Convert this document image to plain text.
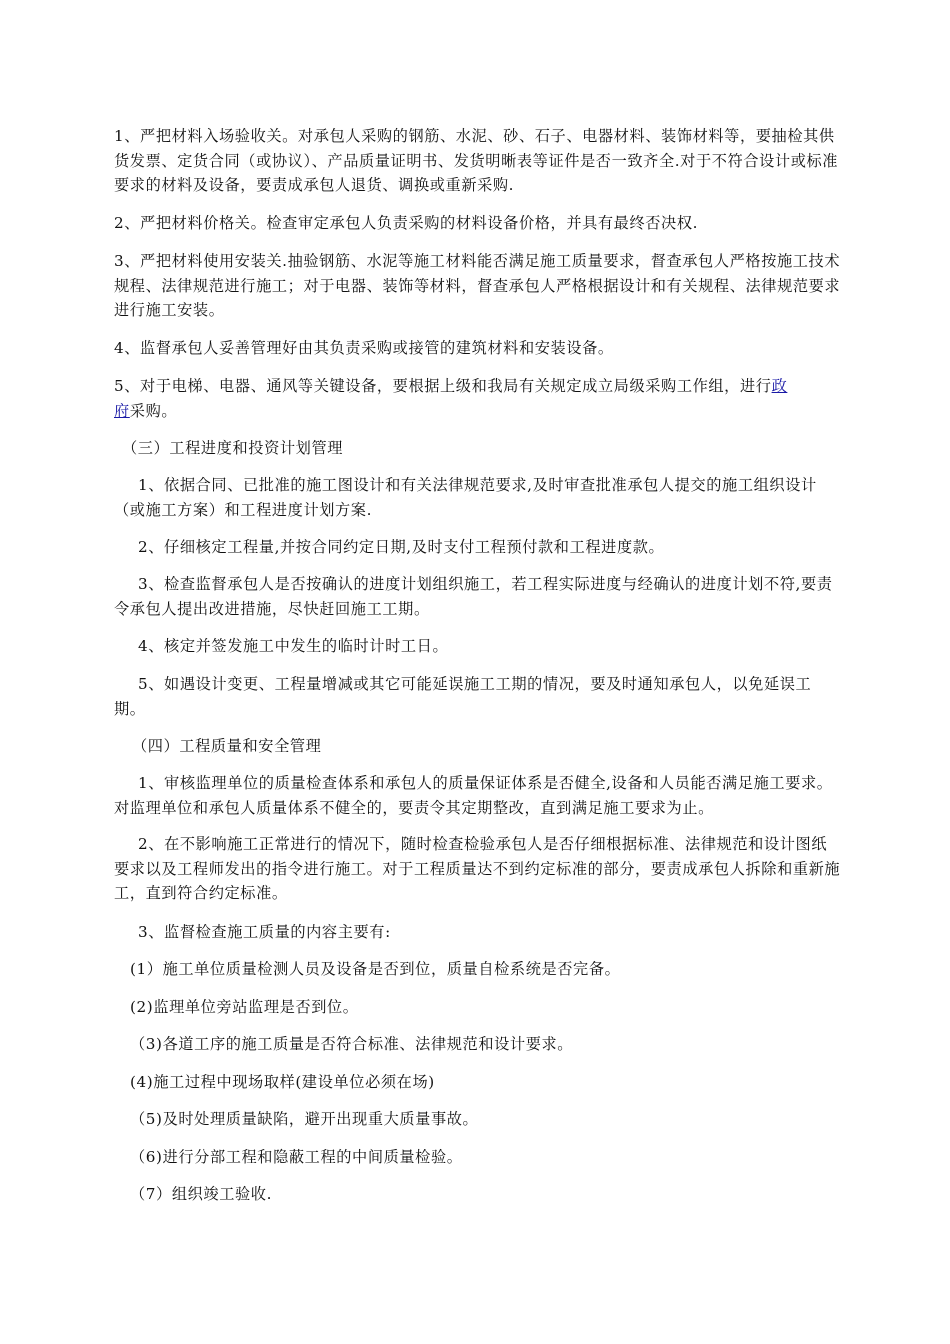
1、严把材料入场验收关。对承包人采购的钢筋、水泥、砂、石子、电器材料、装饰材料等，要抽检其供货发票、定货合同（或协议）、产品质量证明书、发货明晰表等证件是否一致齐全.对于不符合设计或标准要求的材料及设备，要责成承包人退货、调换或重新采购.

2、严把材料价格关。检查审定承包人负责采购的材料设备价格，并具有最终否决权.

3、严把材料使用安装关.抽验钢筋、水泥等施工材料能否满足施工质量要求，督查承包人严格按施工技术规程、法律规范进行施工；对于电器、装饰等材料，督查承包人严格根据设计和有关规程、法律规范要求进行施工安装。

4、监督承包人妥善管理好由其负责采购或接管的建筑材料和安装设备。

5、对于电梯、电器、通风等关键设备，要根据上级和我局有关规定成立局级采购工作组，进行政
府采购。

（三）工程进度和投资计划管理

1、依据合同、已批准的施工图设计和有关法律规范要求,及时审查批准承包人提交的施工组织设计（或施工方案）和工程进度计划方案.

2、仔细核定工程量,并按合同约定日期,及时支付工程预付款和工程进度款。

3、检查监督承包人是否按确认的进度计划组织施工，若工程实际进度与经确认的进度计划不符,要责令承包人提出改进措施，尽快赶回施工工期。

4、核定并签发施工中发生的临时计时工日。

5、如遇设计变更、工程量增减或其它可能延误施工工期的情况，要及时通知承包人，以免延误工期。

（四）工程质量和安全管理

1、审核监理单位的质量检查体系和承包人的质量保证体系是否健全,设备和人员能否满足施工要求。对监理单位和承包人质量体系不健全的，要责令其定期整改，直到满足施工要求为止。

2、在不影响施工正常进行的情况下，随时检查检验承包人是否仔细根据标准、法律规范和设计图纸要求以及工程师发出的指令进行施工。对于工程质量达不到约定标准的部分，要责成承包人拆除和重新施工，直到符合约定标准。

3、监督检查施工质量的内容主要有:

(1）施工单位质量检测人员及设备是否到位，质量自检系统是否完备。

(2)监理单位旁站监理是否到位。

（3)各道工序的施工质量是否符合标准、法律规范和设计要求。

(4)施工过程中现场取样(建设单位必须在场)

（5)及时处理质量缺陷，避开出现重大质量事故。

（6)进行分部工程和隐蔽工程的中间质量检验。

（7）组织竣工验收.
